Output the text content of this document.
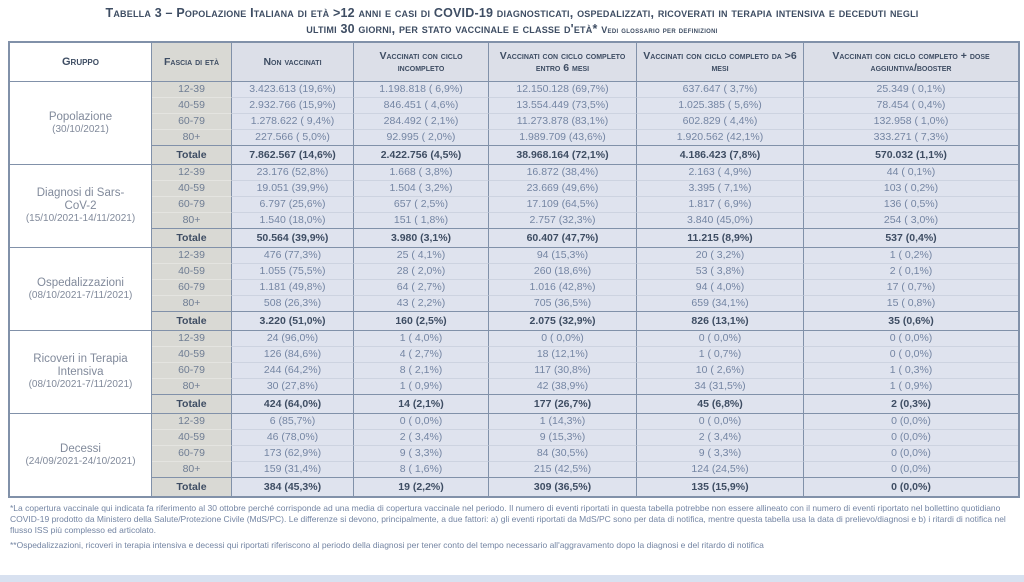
Tabella 3 – Popolazione Italiana di età >12 anni e casi di COVID-19 diagnosticati, ospedalizzati, ricoverati in terapia intensiva e deceduti negli
ultimi 30 giorni, per stato vaccinale e classe d'età* Vedi glossario per definizioni
Gruppo	Fascia di età	Non vaccinati	Vaccinati con ciclo incompleto	Vaccinati con ciclo completo entro 6 mesi	Vaccinati con ciclo completo da >6 mesi	Vaccinati con ciclo completo + dose aggiuntiva/booster

Popolazione
(30/10/2021)	12-39	3.423.613 (19,6%)	1.198.818 ( 6,9%)	12.150.128 (69,7%)	637.647 ( 3,7%)	25.349 ( 0,1%)
	40-59	2.932.766 (15,9%)	846.451 ( 4,6%)	13.554.449 (73,5%)	1.025.385 ( 5,6%)	78.454 ( 0,4%)
	60-79	1.278.622 ( 9,4%)	284.492 ( 2,1%)	11.273.878 (83,1%)	602.829 ( 4,4%)	132.958 ( 1,0%)
	80+	227.566 ( 5,0%)	92.995 ( 2,0%)	1.989.709 (43,6%)	1.920.562 (42,1%)	333.271 ( 7,3%)
	Totale	7.862.567 (14,6%)	2.422.756 (4,5%)	38.968.164 (72,1%)	4.186.423 (7,8%)	570.032 (1,1%)

Diagnosi di Sars-CoV-2
(15/10/2021-14/11/2021)	12-39	23.176 (52,8%)	1.668 ( 3,8%)	16.872 (38,4%)	2.163 ( 4,9%)	44 ( 0,1%)
	40-59	19.051 (39,9%)	1.504 ( 3,2%)	23.669 (49,6%)	3.395 ( 7,1%)	103 ( 0,2%)
	60-79	6.797 (25,6%)	657 ( 2,5%)	17.109 (64,5%)	1.817 ( 6,9%)	136 ( 0,5%)
	80+	1.540 (18,0%)	151 ( 1,8%)	2.757 (32,3%)	3.840 (45,0%)	254 ( 3,0%)
	Totale	50.564 (39,9%)	3.980 (3,1%)	60.407 (47,7%)	11.215 (8,9%)	537 (0,4%)

Ospedalizzazioni
(08/10/2021-7/11/2021)	12-39	476 (77,3%)	25 ( 4,1%)	94 (15,3%)	20 ( 3,2%)	1 ( 0,2%)
	40-59	1.055 (75,5%)	28 ( 2,0%)	260 (18,6%)	53 ( 3,8%)	2 ( 0,1%)
	60-79	1.181 (49,8%)	64 ( 2,7%)	1.016 (42,8%)	94 ( 4,0%)	17 ( 0,7%)
	80+	508 (26,3%)	43 ( 2,2%)	705 (36,5%)	659 (34,1%)	15 ( 0,8%)
	Totale	3.220 (51,0%)	160 (2,5%)	2.075 (32,9%)	826 (13,1%)	35 (0,6%)

Ricoveri in Terapia Intensiva
(08/10/2021-7/11/2021)	12-39	24 (96,0%)	1 ( 4,0%)	0 ( 0,0%)	0 ( 0,0%)	0 ( 0,0%)
	40-59	126 (84,6%)	4 ( 2,7%)	18 (12,1%)	1 ( 0,7%)	0 ( 0,0%)
	60-79	244 (64,2%)	8 ( 2,1%)	117 (30,8%)	10 ( 2,6%)	1 ( 0,3%)
	80+	30 (27,8%)	1 ( 0,9%)	42 (38,9%)	34 (31,5%)	1 ( 0,9%)
	Totale	424 (64,0%)	14 (2,1%)	177 (26,7%)	45 (6,8%)	2 (0,3%)

Decessi
(24/09/2021-24/10/2021)	12-39	6 (85,7%)	0 ( 0,0%)	1 (14,3%)	0 ( 0,0%)	0 (0,0%)
	40-59	46 (78,0%)	2 ( 3,4%)	9 (15,3%)	2 ( 3,4%)	0 (0,0%)
	60-79	173 (62,9%)	9 ( 3,3%)	84 (30,5%)	9 ( 3,3%)	0 (0,0%)
	80+	159 (31,4%)	8 ( 1,6%)	215 (42,5%)	124 (24,5%)	0 (0,0%)
	Totale	384 (45,3%)	19 (2,2%)	309 (36,5%)	135 (15,9%)	0 (0,0%)
*La copertura vaccinale qui indicata fa riferimento al 30 ottobre perché corrisponde ad una media di copertura vaccinale nel periodo. Il numero di eventi riportati in questa tabella potrebbe non essere allineato con il numero di eventi riportato nel bollettino quotidiano COVID-19 prodotto da Ministero della Salute/Protezione Civile (MdS/PC). Le differenze si devono, principalmente, a due fattori: a) gli eventi riportati da MdS/PC sono per data di notifica, mentre questa tabella usa la data di prelievo/diagnosi e b) i ritardi di notifica nel flusso ISS più complesso ed articolato.
**Ospedalizzazioni, ricoveri in terapia intensiva e decessi qui riportati riferiscono al periodo della diagnosi per tener conto del tempo necessario all'aggravamento dopo la diagnosi e del ritardo di notifica
